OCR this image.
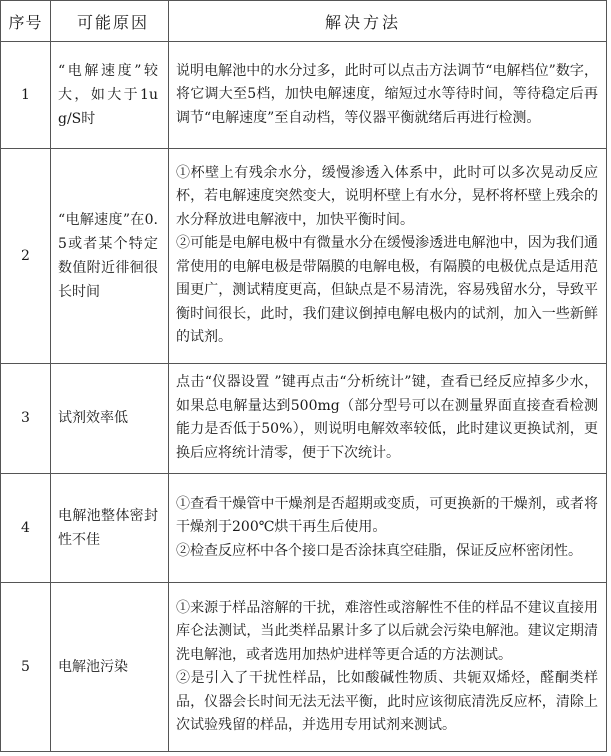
序号	可能原因	解决方法
1	“电解速度”较大，如大于1ug/S时	说明电解池中的水分过多，此时可以点击方法调节“电解档位”数字，将它调大至5档，加快电解速度，缩短过水等待时间，等待稳定后再调节“电解速度”至自动档，等仪器平衡就绪后再进行检测。

2	“电解速度”在0.5或者某个特定数值附近徘徊很长时间	①杯壁上有残余水分，缓慢渗透入体系中，此时可以多次晃动反应杯，若电解速度突然变大，说明杯壁上有水分，晃杯将杯壁上残余的水分释放进电解液中，加快平衡时间。

②可能是电解电极中有微量水分在缓慢渗透进电解池中，因为我们通常使用的电解电极是带隔膜的电解电极，有隔膜的电极优点是适用范围更广，测试精度更高，但缺点是不易清洗，容易残留水分，导致平衡时间很长，此时，我们建议倒掉电解电极内的试剂，加入一些新鲜的试剂。

3	试剂效率低	点击“仪器设置 ”键再点击“分析统计”键，查看已经反应掉多少水，如果总电解量达到500mg（部分型号可以在测量界面直接查看检测能力是否低于50%），则说明电解效率较低，此时建议更换试剂，更换后应将统计清零，便于下次统计。

4	电解池整体密封性不佳	①查看干燥管中干燥剂是否超期或变质，可更换新的干燥剂，或者将干燥剂于200℃烘干再生后使用。

②检查反应杯中各个接口是否涂抹真空硅脂，保证反应杯密闭性。

5	电解池污染	①来源于样品溶解的干扰，难溶性或溶解性不佳的样品不建议直接用库仑法测试，当此类样品累计多了以后就会污染电解池。建议定期清洗电解池，或者选用加热炉进样等更合适的方法测试。

②是引入了干扰性样品，比如酸碱性物质、共轭双烯烃，醛酮类样品，仪器会长时间无法无法平衡，此时应该彻底清洗反应杯，清除上次试验残留的样品，并选用专用试剂来测试。
